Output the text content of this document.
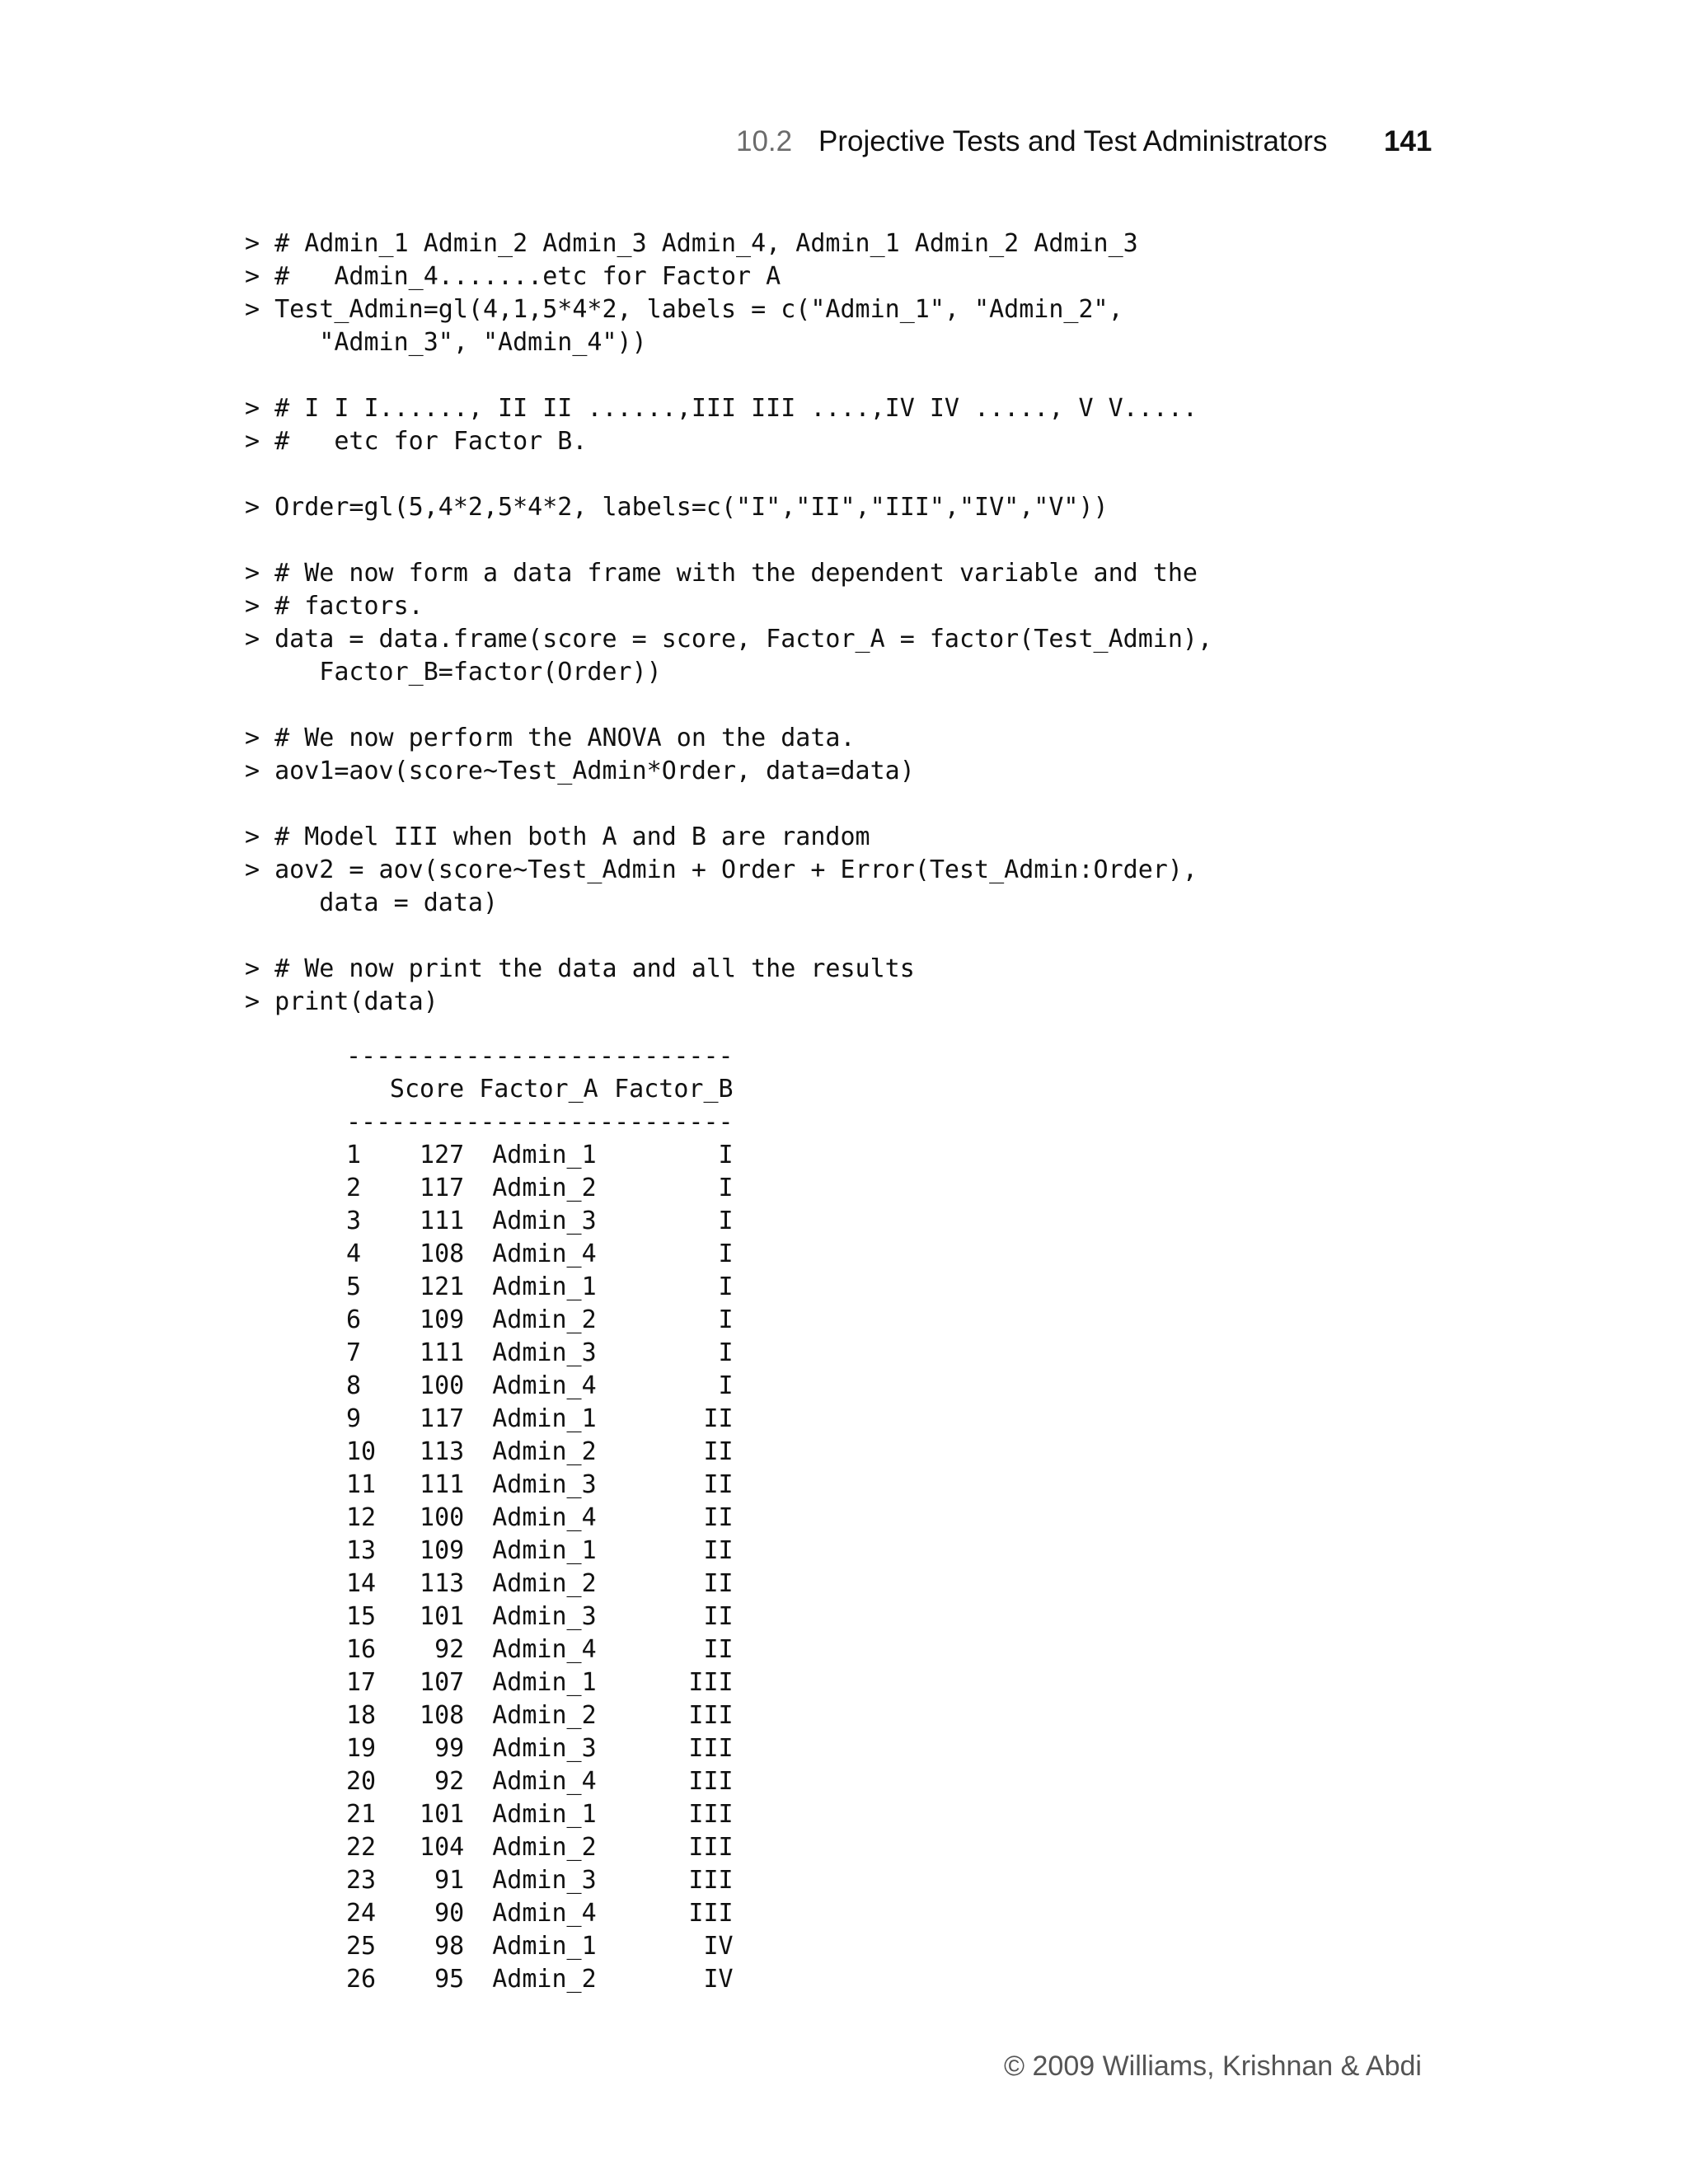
10.2 Projective Tests and Test Administrators 141
> # Admin_1 Admin_2 Admin_3 Admin_4, Admin_1 Admin_2 Admin_3
> #   Admin_4.......etc for Factor A
> Test_Admin=gl(4,1,5*4*2, labels = c("Admin_1", "Admin_2",
"Admin_3", "Admin_4"))
> # I I I......, II II ......,III III ....,IV IV ....., V V.....
> #   etc for Factor B.
> Order=gl(5,4*2,5*4*2, labels=c("I","II","III","IV","V"))
> # We now form a data frame with the dependent variable and the
> # factors.
> data = data.frame(score = score, Factor_A = factor(Test_Admin),
Factor_B=factor(Order))
> # We now perform the ANOVA on the data.
> aov1=aov(score~Test_Admin*Order, data=data)
> # Model III when both A and B are random
> aov2 = aov(score~Test_Admin + Order + Error(Test_Admin:Order),
data = data)
> # We now print the data and all the results
> print(data)
--------------------------
	Score	Factor_A	Factor_B

1	127	Admin_1	I
2	117	Admin_2	I
3	111	Admin_3	I
4	108	Admin_4	I
5	121	Admin_1	I
6	109	Admin_2	I
7	111	Admin_3	I
8	100	Admin_4	I
9	117	Admin_1	II
10	113	Admin_2	II
11	111	Admin_3	II
12	100	Admin_4	II
13	109	Admin_1	II
14	113	Admin_2	II
15	101	Admin_3	II
16	92	Admin_4	II
17	107	Admin_1	III
18	108	Admin_2	III
19	99	Admin_3	III
20	92	Admin_4	III
21	101	Admin_1	III
22	104	Admin_2	III
23	91	Admin_3	III
24	90	Admin_4	III
25	98	Admin_1	IV
26	95	Admin_2	IV
--------------------------
© 2009 Williams, Krishnan & Abdi
